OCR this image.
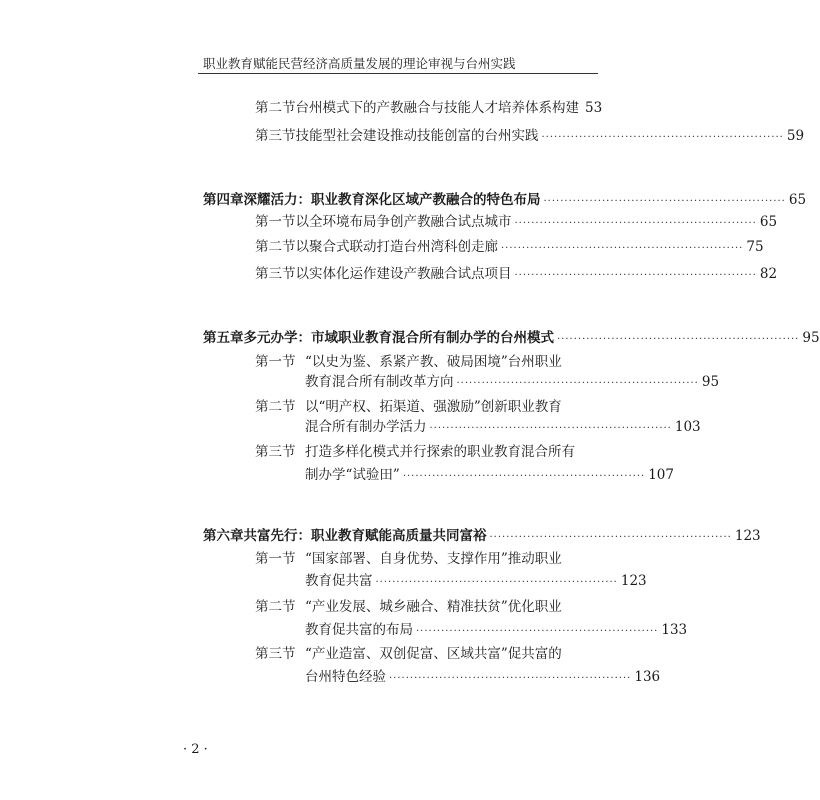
职业教育赋能民营经济高质量发展的理论审视与台州实践
第二节 台州模式下的产教融合与技能人才培养体系构建 53
第三节 技能型社会建设推动技能创富的台州实践 ·························································· 59
第四章 深耀活力：职业教育深化区域产教融合的特色布局 ·························································· 65
第一节 以全环境布局争创产教融合试点城市 ·························································· 65
第二节 以聚合式联动打造台州湾科创走廊 ·························································· 75
第三节 以实体化运作建设产教融合试点项目 ·························································· 82
第五章 多元办学：市域职业教育混合所有制办学的台州模式 ·························································· 95
第一节 “以史为鉴、系紧产教、破局困境”台州职业
教育混合所有制改革方向 ·························································· 95
第二节 以“明产权、拓渠道、强激励”创新职业教育
混合所有制办学活力 ·························································· 103
第三节 打造多样化模式并行探索的职业教育混合所有
制办学“试验田” ·························································· 107
第六章 共富先行：职业教育赋能高质量共同富裕 ·························································· 123
第一节 “国家部署、自身优势、支撑作用”推动职业
教育促共富 ·························································· 123
第二节 “产业发展、城乡融合、精准扶贫”优化职业
教育促共富的布局 ·························································· 133
第三节 “产业造富、双创促富、区域共富”促共富的
台州特色经验 ·························································· 136
· 2 ·
